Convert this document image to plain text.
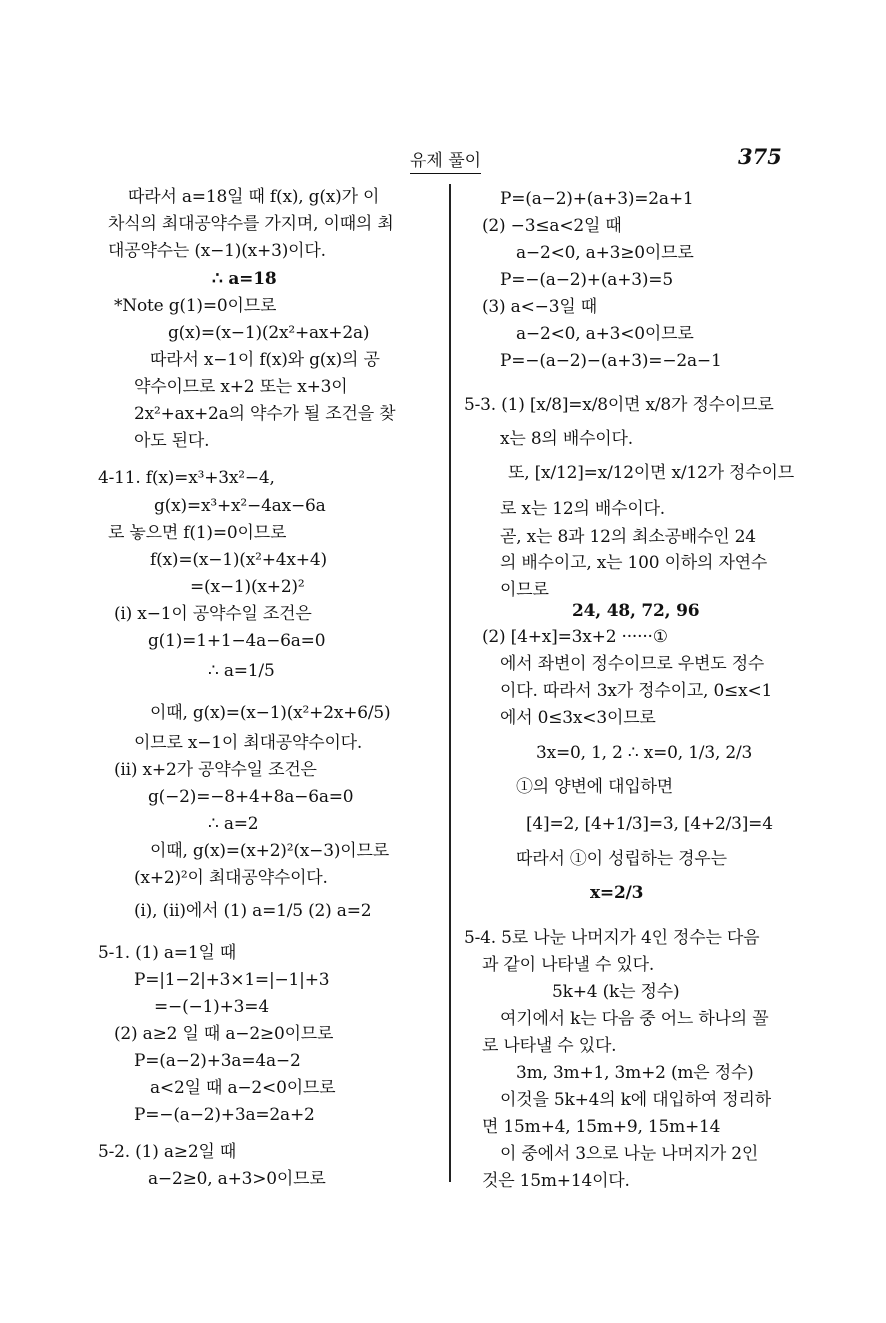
유제 풀이	375
따라서 a=18일 때 f(x), g(x)가 이
차식의 최대공약수를 가지며, 이때의 최
대공약수는 (x−1)(x+3)이다.
∴ a=18
*Note g(1)=0이므로
g(x)=(x−1)(2x²+ax+2a)
따라서 x−1이 f(x)와 g(x)의 공
약수이므로 x+2 또는 x+3이
2x²+ax+2a의 약수가 될 조건을 찾
아도 된다.
4-11. f(x)=x³+3x²−4,
g(x)=x³+x²−4ax−6a
로 놓으면 f(1)=0이므로
f(x)=(x−1)(x²+4x+4)
=(x−1)(x+2)²
(i) x−1이 공약수일 조건은
g(1)=1+1−4a−6a=0
∴ a=1/5
이때, g(x)=(x−1)(x²+2x+6/5)
이므로 x−1이 최대공약수이다.
(ii) x+2가 공약수일 조건은
g(−2)=−8+4+8a−6a=0
∴ a=2
이때, g(x)=(x+2)²(x−3)이므로
(x+2)²이 최대공약수이다.
(i), (ii)에서 (1) a=1/5 (2) a=2
5-1. (1) a=1일 때
P=|1−2|+3×1=|−1|+3
=−(−1)+3=4
(2) a≥2 일 때 a−2≥0이므로
P=(a−2)+3a=4a−2
a<2일 때 a−2<0이므로
P=−(a−2)+3a=2a+2
5-2. (1) a≥2일 때
a−2≥0, a+3>0이므로
P=(a−2)+(a+3)=2a+1
(2) −3≤a<2일 때
a−2<0, a+3≥0이므로
P=−(a−2)+(a+3)=5
(3) a<−3일 때
a−2<0, a+3<0이므로
P=−(a−2)−(a+3)=−2a−1
5-3. (1) [x/8]=x/8이면 x/8가 정수이므로
x는 8의 배수이다.
또, [x/12]=x/12이면 x/12가 정수이므
로 x는 12의 배수이다.
곧, x는 8과 12의 최소공배수인 24
의 배수이고, x는 100 이하의 자연수
이므로
24, 48, 72, 96
(2) [4+x]=3x+2 ······①
에서 좌변이 정수이므로 우변도 정수
이다. 따라서 3x가 정수이고, 0≤x<1
에서 0≤3x<3이므로
3x=0, 1, 2 ∴ x=0, 1/3, 2/3
①의 양변에 대입하면
[4]=2, [4+1/3]=3, [4+2/3]=4
따라서 ①이 성립하는 경우는
x=2/3
5-4. 5로 나눈 나머지가 4인 정수는 다음
과 같이 나타낼 수 있다.
5k+4 (k는 정수)
여기에서 k는 다음 중 어느 하나의 꼴
로 나타낼 수 있다.
3m, 3m+1, 3m+2 (m은 정수)
이것을 5k+4의 k에 대입하여 정리하
면 15m+4, 15m+9, 15m+14
이 중에서 3으로 나눈 나머지가 2인
것은 15m+14이다.
